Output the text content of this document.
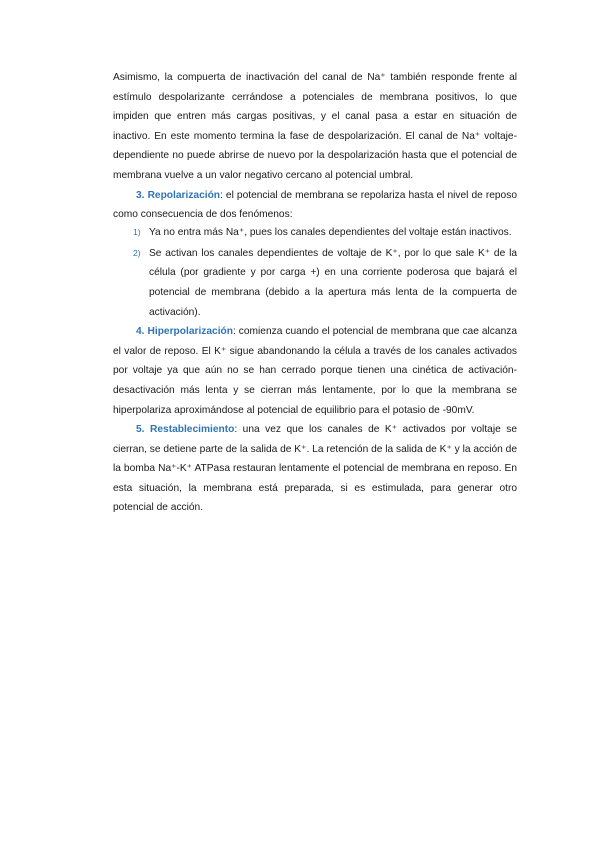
Asimismo, la compuerta de inactivación del canal de Na⁺ también responde frente al estímulo despolarizante cerrándose a potenciales de membrana positivos, lo que impiden que entren más cargas positivas, y el canal pasa a estar en situación de inactivo. En este momento termina la fase de despolarización. El canal de Na⁺ voltaje-dependiente no puede abrirse de nuevo por la despolarización hasta que el potencial de membrana vuelve a un valor negativo cercano al potencial umbral.

3. Repolarización: el potencial de membrana se repolariza hasta el nivel de reposo como consecuencia de dos fenómenos:

1) Ya no entra más Na⁺, pues los canales dependientes del voltaje están inactivos.
2) Se activan los canales dependientes de voltaje de K⁺, por lo que sale K⁺ de la célula (por gradiente y por carga +) en una corriente poderosa que bajará el potencial de membrana (debido a la apertura más lenta de la compuerta de activación).

4. Hiperpolarización: comienza cuando el potencial de membrana que cae alcanza el valor de reposo. El K⁺ sigue abandonando la célula a través de los canales activados por voltaje ya que aún no se han cerrado porque tienen una cinética de activación-desactivación más lenta y se cierran más lentamente, por lo que la membrana se hiperpolariza aproximándose al potencial de equilibrio para el potasio de -90mV.

5. Restablecimiento: una vez que los canales de K⁺ activados por voltaje se cierran, se detiene parte de la salida de K⁺. La retención de la salida de K⁺ y la acción de la bomba Na⁺-K⁺ ATPasa restauran lentamente el potencial de membrana en reposo. En esta situación, la membrana está preparada, si es estimulada, para generar otro potencial de acción.
